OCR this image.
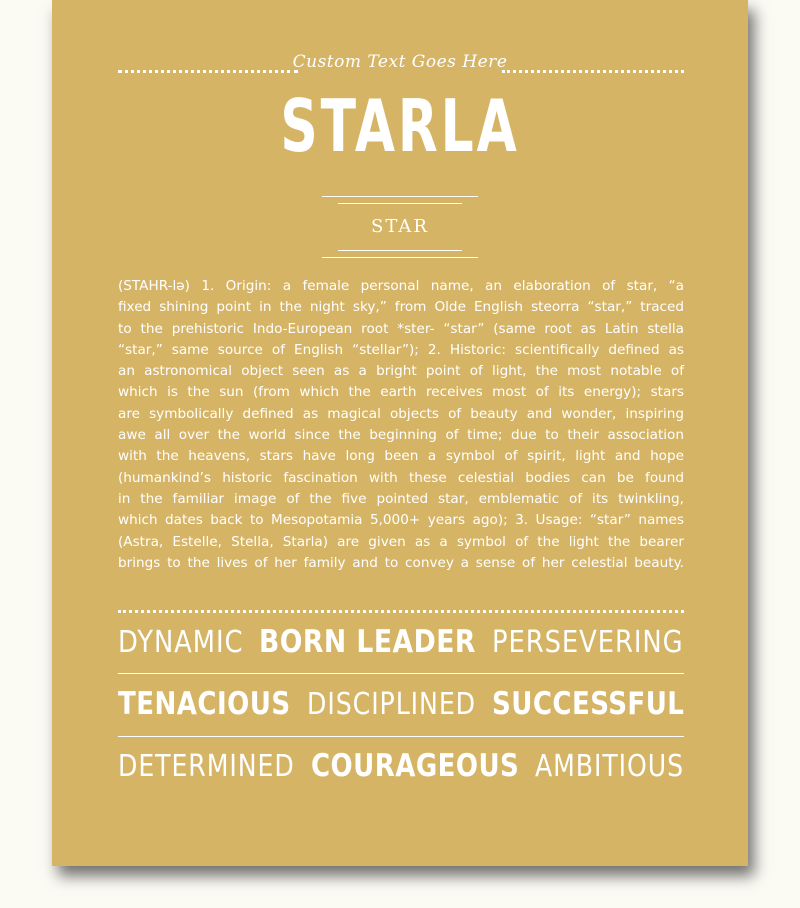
Custom Text Goes Here
STARLA
STAR
(STAHR-lə) 1. Origin: a female personal name, an elaboration of star, “a
fixed shining point in the night sky,” from Olde English steorra “star,” traced
to the prehistoric Indo-European root *ster- “star” (same root as Latin stella
“star,” same source of English “stellar”); 2. Historic: scientifically defined as
an astronomical object seen as a bright point of light, the most notable of
which is the sun (from which the earth receives most of its energy); stars
are symbolically defined as magical objects of beauty and wonder, inspiring
awe all over the world since the beginning of time; due to their association
with the heavens, stars have long been a symbol of spirit, light and hope
(humankind’s historic fascination with these celestial bodies can be found
in the familiar image of the five pointed star, emblematic of its twinkling,
which dates back to Mesopotamia 5,000+ years ago); 3. Usage: “star” names
(Astra, Estelle, Stella, Starla) are given as a symbol of the light the bearer
brings to the lives of her family and to convey a sense of her celestial beauty.
DYNAMIC BORN LEADER PERSEVERING
TENACIOUS DISCIPLINED SUCCESSFUL
DETERMINED COURAGEOUS AMBITIOUS
